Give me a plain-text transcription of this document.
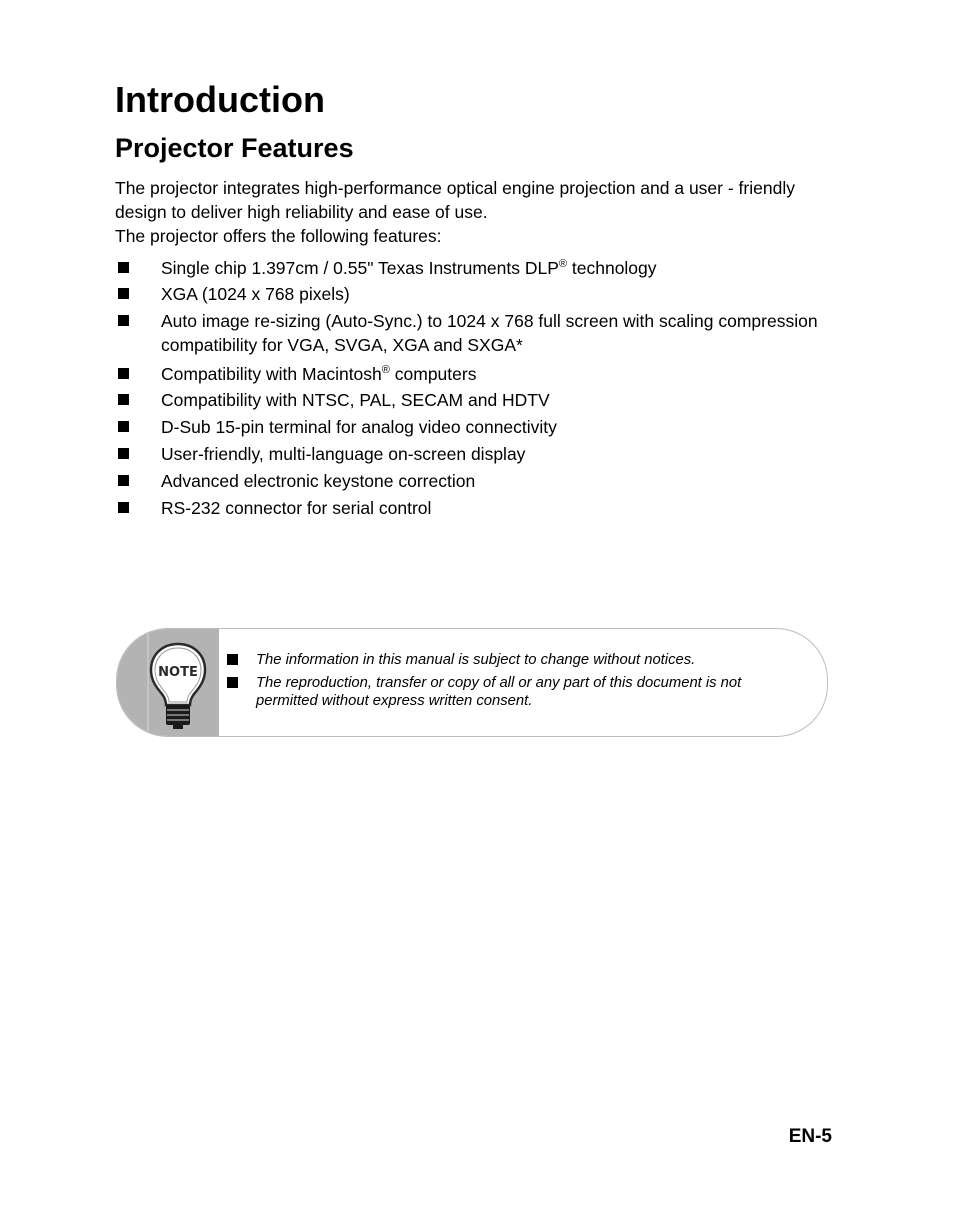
Introduction
Projector Features

The projector integrates high-performance optical engine projection and a user - friendly design to deliver high reliability and ease of use.

The projector offers the following features:

Single chip 1.397cm / 0.55" Texas Instruments DLP® technology
XGA (1024 x 768 pixels)
Auto image re-sizing (Auto-Sync.) to 1024 x 768 full screen with scaling compression compatibility for VGA, SVGA, XGA and SXGA*
Compatibility with Macintosh® computers
Compatibility with NTSC, PAL, SECAM and HDTV
D-Sub 15-pin terminal for analog video connectivity
User-friendly, multi-language on-screen display
Advanced electronic keystone correction
RS-232 connector for serial control
NOTE
The information in this manual is subject to change without notices.
The reproduction, transfer or copy of all or any part of this document is not permitted without express written consent.
EN-5
